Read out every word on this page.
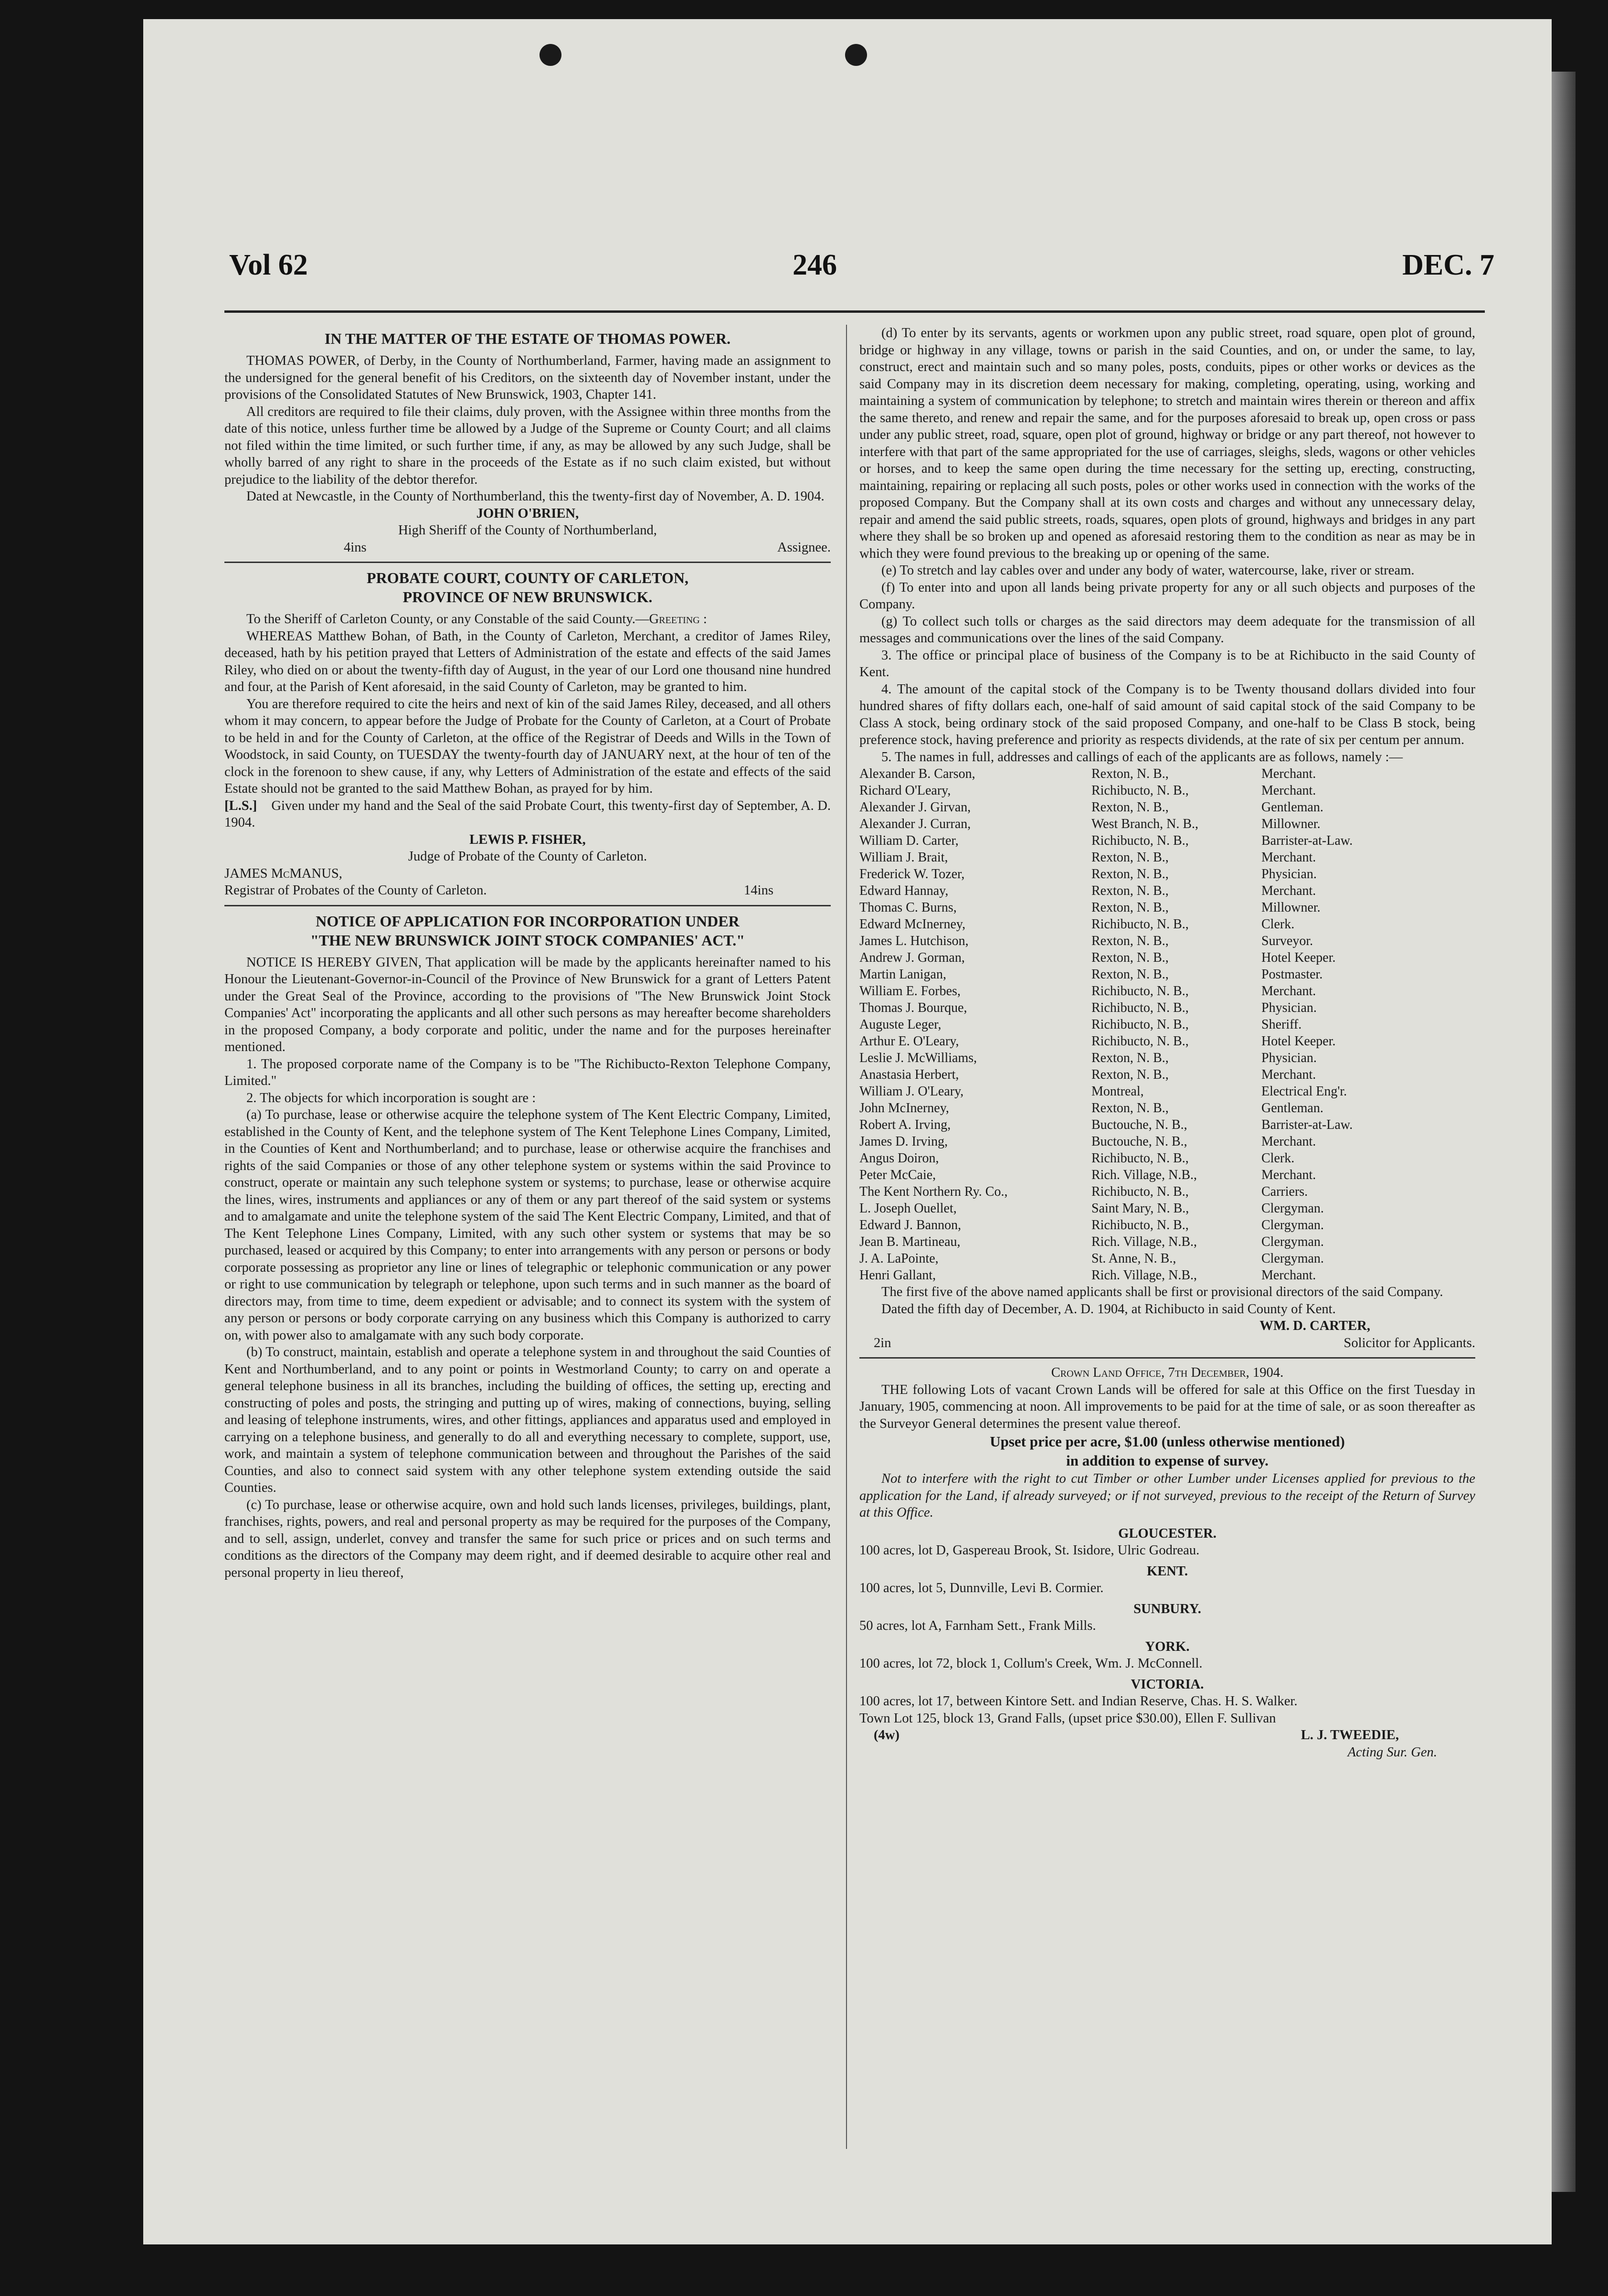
Vol 62	246	DEC. 7

IN THE MATTER OF THE ESTATE OF THOMAS POWER.

THOMAS POWER, of Derby, in the County of Northumberland, Farmer, having made an assignment to the undersigned for the general benefit of his Creditors, on the sixteenth day of November instant, under the provisions of the Consolidated Statutes of New Brunswick, 1903, Chapter 141.

All creditors are required to file their claims, duly proven, with the Assignee within three months from the date of this notice, unless further time be allowed by a Judge of the Supreme or County Court; and all claims not filed within the time limited, or such further time, if any, as may be allowed by any such Judge, shall be wholly barred of any right to share in the proceeds of the Estate as if no such claim existed, but without prejudice to the liability of the debtor therefor.

Dated at Newcastle, in the County of Northumberland, this the twenty-first day of November, A. D. 1904.

JOHN O'BRIEN,

High Sheriff of the County of Northumberland,

4ins	Assignee.

PROBATE COURT, COUNTY OF CARLETON,

PROVINCE OF NEW BRUNSWICK.

To the Sheriff of Carleton County, or any Constable of the said County.—Greeting :

WHEREAS Matthew Bohan, of Bath, in the County of Carleton, Merchant, a creditor of James Riley, deceased, hath by his petition prayed that Letters of Administration of the estate and effects of the said James Riley, who died on or about the twenty-fifth day of August, in the year of our Lord one thousand nine hundred and four, at the Parish of Kent aforesaid, in the said County of Carleton, may be granted to him.

You are therefore required to cite the heirs and next of kin of the said James Riley, deceased, and all others whom it may concern, to appear before the Judge of Probate for the County of Carleton, at a Court of Probate to be held in and for the County of Carleton, at the office of the Registrar of Deeds and Wills in the Town of Woodstock, in said County, on TUESDAY the twenty-fourth day of JANUARY next, at the hour of ten of the clock in the forenoon to shew cause, if any, why Letters of Administration of the estate and effects of the said Estate should not be granted to the said Matthew Bohan, as prayed for by him.

[L.S.] Given under my hand and the Seal of the said Probate Court, this twenty-first day of September, A. D. 1904.

LEWIS P. FISHER,

Judge of Probate of the County of Carleton.

JAMES McMANUS,

Registrar of Probates of the County of Carleton.	14ins

NOTICE OF APPLICATION FOR INCORPORATION UNDER

"THE NEW BRUNSWICK JOINT STOCK COMPANIES' ACT."

NOTICE IS HEREBY GIVEN, That application will be made by the applicants hereinafter named to his Honour the Lieutenant-Governor-in-Council of the Province of New Brunswick for a grant of Letters Patent under the Great Seal of the Province, according to the provisions of "The New Brunswick Joint Stock Companies' Act" incorporating the applicants and all other such persons as may hereafter become shareholders in the proposed Company, a body corporate and politic, under the name and for the purposes hereinafter mentioned.

1. The proposed corporate name of the Company is to be "The Richibucto-Rexton Telephone Company, Limited."

2. The objects for which incorporation is sought are :

(a) To purchase, lease or otherwise acquire the telephone system of The Kent Electric Company, Limited, established in the County of Kent, and the telephone system of The Kent Telephone Lines Company, Limited, in the Counties of Kent and Northumberland; and to purchase, lease or otherwise acquire the franchises and rights of the said Companies or those of any other telephone system or systems within the said Province to construct, operate or maintain any such telephone system or systems; to purchase, lease or otherwise acquire the lines, wires, instruments and appliances or any of them or any part thereof of the said system or systems and to amalgamate and unite the telephone system of the said The Kent Electric Company, Limited, and that of The Kent Telephone Lines Company, Limited, with any such other system or systems that may be so purchased, leased or acquired by this Company; to enter into arrangements with any person or persons or body corporate possessing as proprietor any line or lines of telegraphic or telephonic communication or any power or right to use communication by telegraph or telephone, upon such terms and in such manner as the board of directors may, from time to time, deem expedient or advisable; and to connect its system with the system of any person or persons or body corporate carrying on any business which this Company is authorized to carry on, with power also to amalgamate with any such body corporate.

(b) To construct, maintain, establish and operate a telephone system in and throughout the said Counties of Kent and Northumberland, and to any point or points in Westmorland County; to carry on and operate a general telephone business in all its branches, including the building of offices, the setting up, erecting and constructing of poles and posts, the stringing and putting up of wires, making of connections, buying, selling and leasing of telephone instruments, wires, and other fittings, appliances and apparatus used and employed in carrying on a telephone business, and generally to do all and everything necessary to complete, support, use, work, and maintain a system of telephone communication between and throughout the Parishes of the said Counties, and also to connect said system with any other telephone system extending outside the said Counties.

(c) To purchase, lease or otherwise acquire, own and hold such lands licenses, privileges, buildings, plant, franchises, rights, powers, and real and personal property as may be required for the purposes of the Company, and to sell, assign, underlet, convey and transfer the same for such price or prices and on such terms and conditions as the directors of the Company may deem right, and if deemed desirable to acquire other real and personal property in lieu thereof,

(d) To enter by its servants, agents or workmen upon any public street, road square, open plot of ground, bridge or highway in any village, towns or parish in the said Counties, and on, or under the same, to lay, construct, erect and maintain such and so many poles, posts, conduits, pipes or other works or devices as the said Company may in its discretion deem necessary for making, completing, operating, using, working and maintaining a system of communication by telephone; to stretch and maintain wires therein or thereon and affix the same thereto, and renew and repair the same, and for the purposes aforesaid to break up, open cross or pass under any public street, road, square, open plot of ground, highway or bridge or any part thereof, not however to interfere with that part of the same appropriated for the use of carriages, sleighs, sleds, wagons or other vehicles or horses, and to keep the same open during the time necessary for the setting up, erecting, constructing, maintaining, repairing or replacing all such posts, poles or other works used in connection with the works of the proposed Company. But the Company shall at its own costs and charges and without any unnecessary delay, repair and amend the said public streets, roads, squares, open plots of ground, highways and bridges in any part where they shall be so broken up and opened as aforesaid restoring them to the condition as near as may be in which they were found previous to the breaking up or opening of the same.

(e) To stretch and lay cables over and under any body of water, watercourse, lake, river or stream.

(f) To enter into and upon all lands being private property for any or all such objects and purposes of the Company.

(g) To collect such tolls or charges as the said directors may deem adequate for the transmission of all messages and communications over the lines of the said Company.

3. The office or principal place of business of the Company is to be at Richibucto in the said County of Kent.

4. The amount of the capital stock of the Company is to be Twenty thousand dollars divided into four hundred shares of fifty dollars each, one-half of said amount of said capital stock of the said Company to be Class A stock, being ordinary stock of the said proposed Company, and one-half to be Class B stock, being preference stock, having preference and priority as respects dividends, at the rate of six per centum per annum.

5. The names in full, addresses and callings of each of the applicants are as follows, namely :—

Alexander B. Carson,	Rexton, N. B.,	Merchant.
Richard O'Leary,	Richibucto, N. B.,	Merchant.
Alexander J. Girvan,	Rexton, N. B.,	Gentleman.
Alexander J. Curran,	West Branch, N. B.,	Millowner.
William D. Carter,	Richibucto, N. B.,	Barrister-at-Law.
William J. Brait,	Rexton, N. B.,	Merchant.
Frederick W. Tozer,	Rexton, N. B.,	Physician.
Edward Hannay,	Rexton, N. B.,	Merchant.
Thomas C. Burns,	Rexton, N. B.,	Millowner.
Edward McInerney,	Richibucto, N. B.,	Clerk.
James L. Hutchison,	Rexton, N. B.,	Surveyor.
Andrew J. Gorman,	Rexton, N. B.,	Hotel Keeper.
Martin Lanigan,	Rexton, N. B.,	Postmaster.
William E. Forbes,	Richibucto, N. B.,	Merchant.
Thomas J. Bourque,	Richibucto, N. B.,	Physician.
Auguste Leger,	Richibucto, N. B.,	Sheriff.
Arthur E. O'Leary,	Richibucto, N. B.,	Hotel Keeper.
Leslie J. McWilliams,	Rexton, N. B.,	Physician.
Anastasia Herbert,	Rexton, N. B.,	Merchant.
William J. O'Leary,	Montreal,	Electrical Eng'r.
John McInerney,	Rexton, N. B.,	Gentleman.
Robert A. Irving,	Buctouche, N. B.,	Barrister-at-Law.
James D. Irving,	Buctouche, N. B.,	Merchant.
Angus Doiron,	Richibucto, N. B.,	Clerk.
Peter McCaie,	Rich. Village, N.B.,	Merchant.
The Kent Northern Ry. Co.,	Richibucto, N. B.,	Carriers.
L. Joseph Ouellet,	Saint Mary, N. B.,	Clergyman.
Edward J. Bannon,	Richibucto, N. B.,	Clergyman.
Jean B. Martineau,	Rich. Village, N.B.,	Clergyman.
J. A. LaPointe,	St. Anne, N. B.,	Clergyman.
Henri Gallant,	Rich. Village, N.B.,	Merchant.

The first five of the above named applicants shall be first or provisional directors of the said Company.

Dated the fifth day of December, A. D. 1904, at Richibucto in said County of Kent.

WM. D. CARTER,

2in	Solicitor for Applicants.

Crown Land Office, 7th December, 1904.

THE following Lots of vacant Crown Lands will be offered for sale at this Office on the first Tuesday in January, 1905, commencing at noon. All improvements to be paid for at the time of sale, or as soon thereafter as the Surveyor General determines the present value thereof.

Upset price per acre, $1.00 (unless otherwise mentioned)

in addition to expense of survey.

Not to interfere with the right to cut Timber or other Lumber under Licenses applied for previous to the application for the Land, if already surveyed; or if not surveyed, previous to the receipt of the Return of Survey at this Office.

GLOUCESTER.

100 acres, lot D, Gaspereau Brook, St. Isidore, Ulric Godreau.

KENT.

100 acres, lot 5, Dunnville, Levi B. Cormier.

SUNBURY.

50 acres, lot A, Farnham Sett., Frank Mills.

YORK.

100 acres, lot 72, block 1, Collum's Creek, Wm. J. McConnell.

VICTORIA.

100 acres, lot 17, between Kintore Sett. and Indian Reserve, Chas. H. S. Walker.

Town Lot 125, block 13, Grand Falls, (upset price $30.00), Ellen F. Sullivan

(4w)	L. J. TWEEDIE,

Acting Sur. Gen.
